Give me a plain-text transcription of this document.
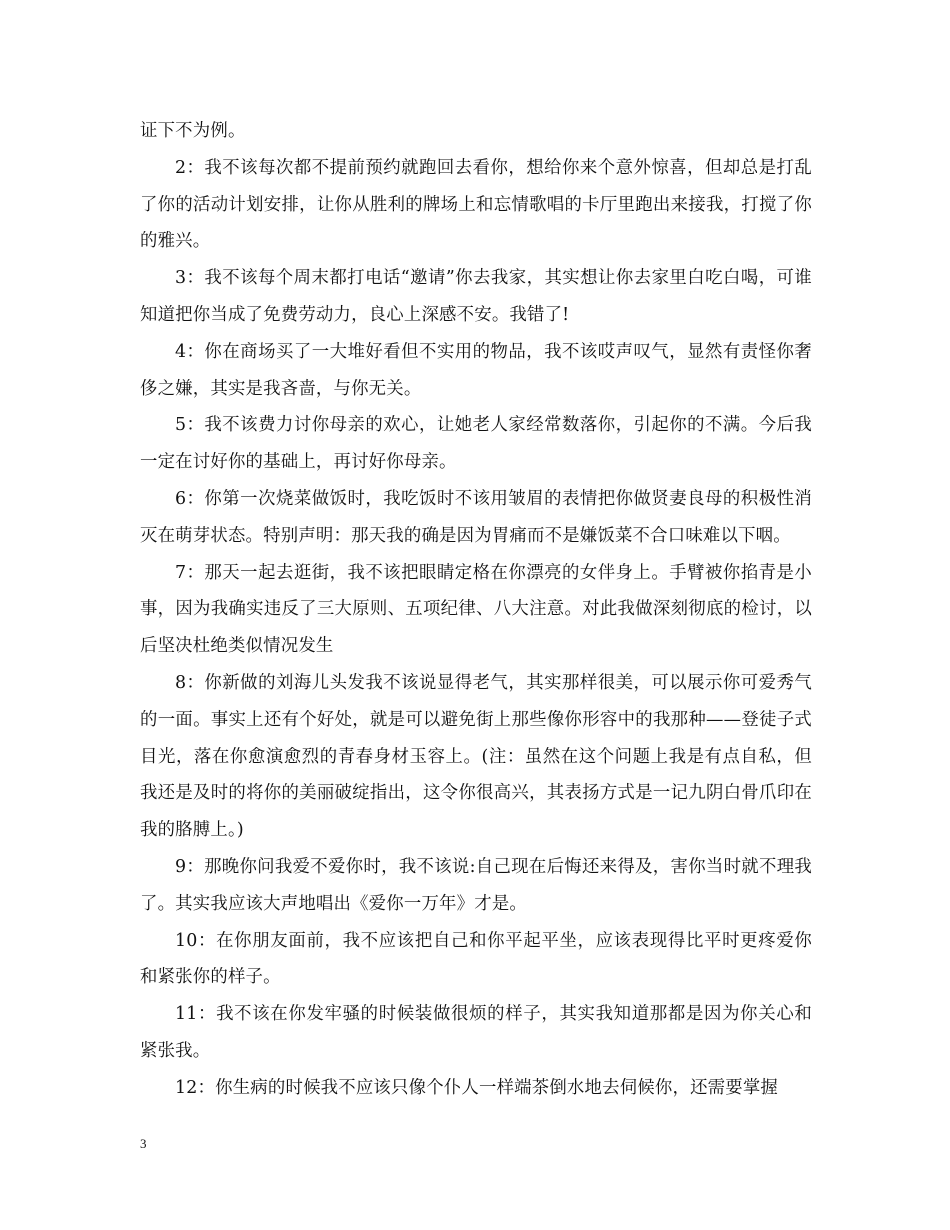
证下不为例。

2：我不该每次都不提前预约就跑回去看你，想给你来个意外惊喜，但却总是打乱了你的活动计划安排，让你从胜利的牌场上和忘情歌唱的卡厅里跑出来接我，打搅了你的雅兴。

3：我不该每个周末都打电话“邀请”你去我家，其实想让你去家里白吃白喝，可谁知道把你当成了免费劳动力，良心上深感不安。我错了!

4：你在商场买了一大堆好看但不实用的物品，我不该哎声叹气，显然有责怪你奢侈之嫌，其实是我吝啬，与你无关。

5：我不该费力讨你母亲的欢心，让她老人家经常数落你，引起你的不满。今后我一定在讨好你的基础上，再讨好你母亲。

6：你第一次烧菜做饭时，我吃饭时不该用皱眉的表情把你做贤妻良母的积极性消灭在萌芽状态。特别声明：那天我的确是因为胃痛而不是嫌饭菜不合口味难以下咽。

7：那天一起去逛街，我不该把眼睛定格在你漂亮的女伴身上。手臂被你掐青是小事，因为我确实违反了三大原则、五项纪律、八大注意。对此我做深刻彻底的检讨，以后坚决杜绝类似情况发生

8：你新做的刘海儿头发我不该说显得老气，其实那样很美，可以展示你可爱秀气的一面。事实上还有个好处，就是可以避免街上那些像你形容中的我那种——登徒子式目光，落在你愈演愈烈的青春身材玉容上。(注：虽然在这个问题上我是有点自私，但我还是及时的将你的美丽破绽指出，这令你很高兴，其表扬方式是一记九阴白骨爪印在我的胳膊上。)

9：那晚你问我爱不爱你时，我不该说:自己现在后悔还来得及，害你当时就不理我了。其实我应该大声地唱出《爱你一万年》才是。

10：在你朋友面前，我不应该把自己和你平起平坐，应该表现得比平时更疼爱你和紧张你的样子。

11：我不该在你发牢骚的时候装做很烦的样子，其实我知道那都是因为你关心和紧张我。

12：你生病的时候我不应该只像个仆人一样端茶倒水地去伺候你，还需要掌握

3
